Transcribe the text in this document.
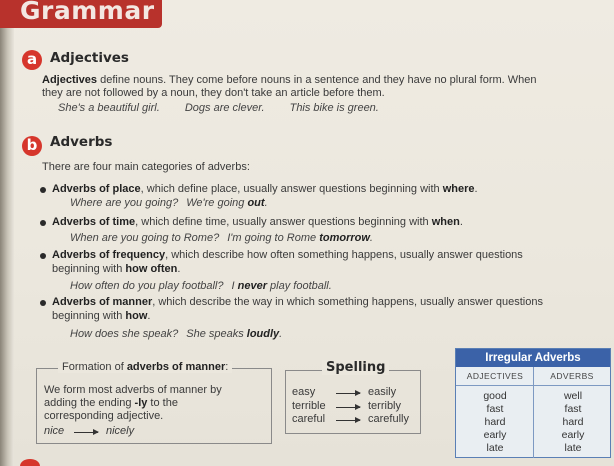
Grammar
a Adjectives
Adjectives define nouns. They come before nouns in a sentence and they have no plural form. When
they are not followed by a noun, they don't take an article before them.
She's a beautiful girl. Dogs are clever. This bike is green.
b Adverbs
There are four main categories of adverbs:
Adverbs of place, which define place, usually answer questions beginning with where.
Where are you going? We're going out.
Adverbs of time, which define time, usually answer questions beginning with when.
When are you going to Rome? I'm going to Rome tomorrow.
Adverbs of frequency, which describe how often something happens, usually answer questions
beginning with how often.
How often do you play football? I never play football.
Adverbs of manner, which describe the way in which something happens, usually answer questions
beginning with how.
How does she speak? She speaks loudly.
Formation of adverbs of manner:
We form most adverbs of manner by
adding the ending -ly to the
corresponding adjective.
nice	nicely
Spelling
easy	easily
terrible	terribly
careful	carefully
Irregular Adverbs
ADJECTIVES	ADVERBS
good	well
fast	fast
hard	hard
early	early
late	late
